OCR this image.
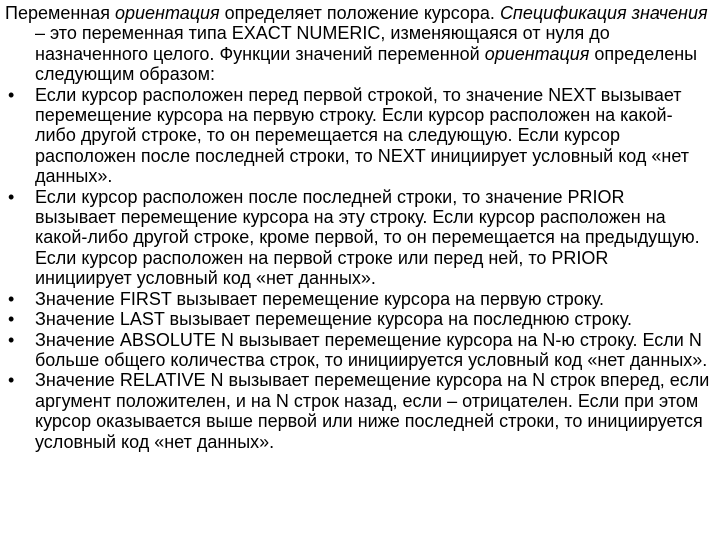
Переменная ориентация определяет положение курсора. Спецификация значения – это переменная типа EXACT NUMERIC, изменяющаяся от нуля до назначенного целого. Функции значений переменной ориентация определены следующим образом:

• Если курсор расположен перед первой строкой, то значение NEXT вызывает перемещение курсора на первую строку. Если курсор расположен на какой-либо другой строке, то он перемещается на следующую. Если курсор расположен после последней строки, то NEXT инициирует условный код «нет данных».
• Если курсор расположен после последней строки, то значение PRIOR вызывает перемещение курсора на эту строку. Если курсор расположен на какой-либо другой строке, кроме первой, то он перемещается на предыдущую. Если курсор расположен на первой строке или перед ней, то PRIOR инициирует условный код «нет данных».
• Значение FIRST вызывает перемещение курсора на первую строку.
• Значение LAST вызывает перемещение курсора на последнюю строку.
• Значение ABSOLUTE N вызывает перемещение курсора на N-ю строку. Если N больше общего количества строк, то инициируется условный код «нет данных».
• Значение RELATIVE N вызывает перемещение курсора на N строк вперед, если аргумент положителен, и на N строк назад, если – отрицателен. Если при этом курсор оказывается выше первой или ниже последней строки, то инициируется условный код «нет данных».
